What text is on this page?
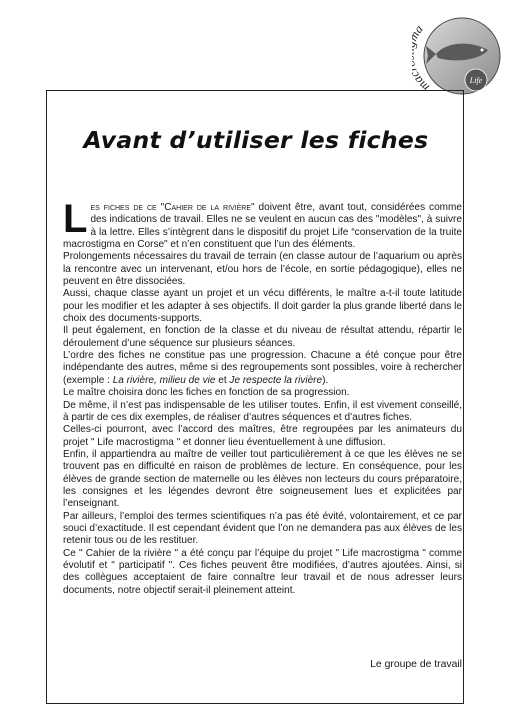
Life
ma a
Avant d’utiliser les fiches

Les fiches de ce "Cahier de la rivière" doivent être, avant tout, considérées comme des indications de travail. Elles ne se veulent en aucun cas des "modèles", à suivre à la lettre. Elles s’intègrent dans le dispositif du projet Life “conservation de la truite macrostigma en Corse" et n’en constituent que l’un des éléments.

Prolongements nécessaires du travail de terrain (en classe autour de l’aquarium ou après la rencontre avec un intervenant, et/ou hors de l’école, en sortie pédagogique), elles ne peuvent en être dissociées.

Aussi, chaque classe ayant un projet et un vécu différents, le maître a-t-il toute latitude pour les modifier et les adapter à ses objectifs. Il doit garder la plus grande liberté dans le choix des documents-supports.

Il peut également, en fonction de la classe et du niveau de résultat attendu, répartir le déroulement d’une séquence sur plusieurs séances.

L’ordre des fiches ne constitue pas une progression. Chacune a été conçue pour être indépendante des autres, même si des regroupements sont possibles, voire à rechercher (exemple : La rivière, milieu de vie et Je respecte la rivière).

Le maître choisira donc les fiches en fonction de sa progression.

De même, il n’est pas indispensable de les utiliser toutes. Enfin, il est vivement conseillé, à partir de ces dix exemples, de réaliser d’autres séquences et d’autres fiches.

Celles-ci pourront, avec l’accord des maîtres, être regroupées par les animateurs du projet " Life macrostigma " et donner lieu éventuellement à une diffusion.

Enfin, il appartiendra au maître de veiller tout particulièrement à ce que les élèves ne se trouvent pas en difficulté en raison de problèmes de lecture. En conséquence, pour les élèves de grande section de maternelle ou les élèves non lecteurs du cours préparatoire, les consignes et les légendes devront être soigneusement lues et explicitées par l’enseignant.

Par ailleurs, l’emploi des termes scientifiques n’a pas été évité, volontairement, et ce par souci d’exactitude. Il est cependant évident que l’on ne demandera pas aux élèves de les retenir tous ou de les restituer.

Ce " Cahier de la rivière " a été conçu par l’équipe du projet " Life macrostigma " comme évolutif et " participatif ". Ces fiches peuvent être modifiées, d’autres ajoutées. Ainsi, si des collègues acceptaient de faire connaître leur travail et de nous adresser leurs documents, notre objectif serait-il pleinement atteint.

Le groupe de travail
